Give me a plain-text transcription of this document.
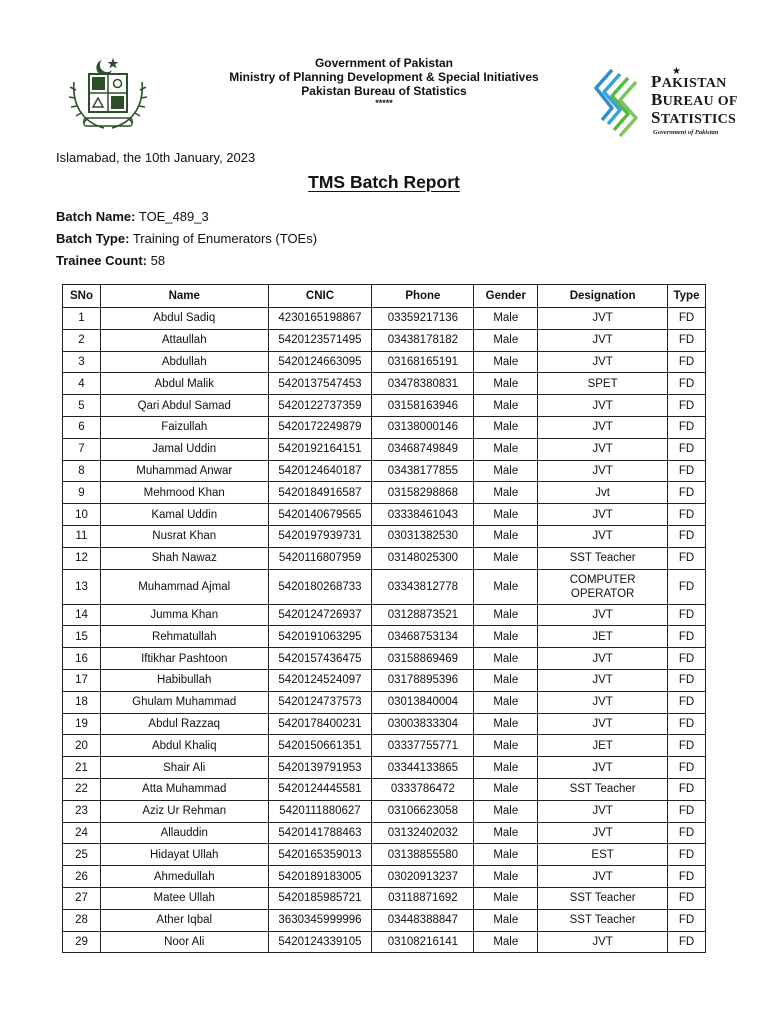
Government of Pakistan
Ministry of Planning Development & Special Initiatives
Pakistan Bureau of Statistics
*****
★
PAKISTAN
BUREAU OF
STATISTICS
Government of Pakistan
Islamabad, the 10th January, 2023
TMS Batch Report
Batch Name: TOE_489_3
Batch Type: Training of Enumerators (TOEs)
Trainee Count: 58
SNo	Name	CNIC	Phone	Gender	Designation	Type
1	Abdul Sadiq	4230165198867	03359217136	Male	JVT	FD
2	Attaullah	5420123571495	03438178182	Male	JVT	FD
3	Abdullah	5420124663095	03168165191	Male	JVT	FD
4	Abdul Malik	5420137547453	03478380831	Male	SPET	FD
5	Qari Abdul Samad	5420122737359	03158163946	Male	JVT	FD
6	Faizullah	5420172249879	03138000146	Male	JVT	FD
7	Jamal Uddin	5420192164151	03468749849	Male	JVT	FD
8	Muhammad Anwar	5420124640187	03438177855	Male	JVT	FD
9	Mehmood Khan	5420184916587	03158298868	Male	Jvt	FD
10	Kamal Uddin	5420140679565	03338461043	Male	JVT	FD
11	Nusrat Khan	5420197939731	03031382530	Male	JVT	FD
12	Shah Nawaz	5420116807959	03148025300	Male	SST Teacher	FD
13	Muhammad Ajmal	5420180268733	03343812778	Male	COMPUTER OPERATOR	FD
14	Jumma Khan	5420124726937	03128873521	Male	JVT	FD
15	Rehmatullah	5420191063295	03468753134	Male	JET	FD
16	Iftikhar Pashtoon	5420157436475	03158869469	Male	JVT	FD
17	Habibullah	5420124524097	03178895396	Male	JVT	FD
18	Ghulam Muhammad	5420124737573	03013840004	Male	JVT	FD
19	Abdul Razzaq	5420178400231	03003833304	Male	JVT	FD
20	Abdul Khaliq	5420150661351	03337755771	Male	JET	FD
21	Shair Ali	5420139791953	03344133865	Male	JVT	FD
22	Atta Muhammad	5420124445581	0333786472	Male	SST Teacher	FD
23	Aziz Ur Rehman	5420111880627	03106623058	Male	JVT	FD
24	Allauddin	5420141788463	03132402032	Male	JVT	FD
25	Hidayat Ullah	5420165359013	03138855580	Male	EST	FD
26	Ahmedullah	5420189183005	03020913237	Male	JVT	FD
27	Matee Ullah	5420185985721	03118871692	Male	SST Teacher	FD
28	Ather Iqbal	3630345999996	03448388847	Male	SST Teacher	FD
29	Noor Ali	5420124339105	03108216141	Male	JVT	FD
